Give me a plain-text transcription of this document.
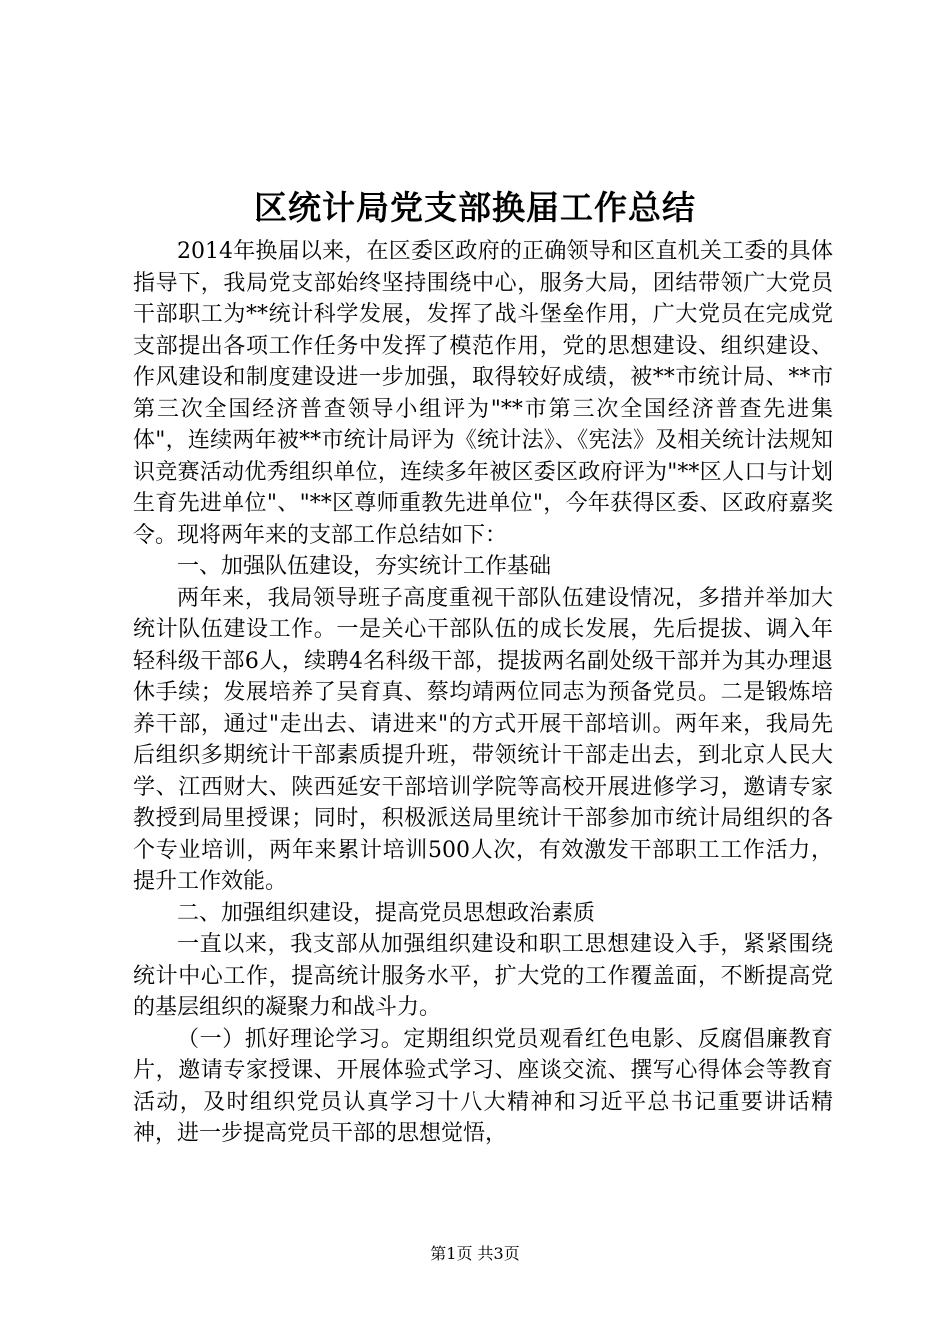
区统计局党支部换届工作总结

2014年换届以来，在区委区政府的正确领导和区直机关工委的具体指导下，我局党支部始终坚持围绕中心，服务大局，团结带领广大党员干部职工为**统计科学发展，发挥了战斗堡垒作用，广大党员在完成党支部提出各项工作任务中发挥了模范作用，党的思想建设、组织建设、作风建设和制度建设进一步加强，取得较好成绩，被**市统计局、**市第三次全国经济普查领导小组评为"**市第三次全国经济普查先进集体"，连续两年被**市统计局评为《统计法》、《宪法》及相关统计法规知识竞赛活动优秀组织单位，连续多年被区委区政府评为"**区人口与计划生育先进单位"、"**区尊师重教先进单位"，今年获得区委、区政府嘉奖令。现将两年来的支部工作总结如下：

一、加强队伍建设，夯实统计工作基础

两年来，我局领导班子高度重视干部队伍建设情况，多措并举加大统计队伍建设工作。一是关心干部队伍的成长发展，先后提拔、调入年轻科级干部6人，续聘4名科级干部，提拔两名副处级干部并为其办理退休手续；发展培养了吴育真、蔡均靖两位同志为预备党员。二是锻炼培养干部，通过"走出去、请进来"的方式开展干部培训。两年来，我局先后组织多期统计干部素质提升班，带领统计干部走出去，到北京人民大学、江西财大、陕西延安干部培训学院等高校开展进修学习，邀请专家教授到局里授课；同时，积极派送局里统计干部参加市统计局组织的各个专业培训，两年来累计培训500人次，有效激发干部职工工作活力，提升工作效能。

二、加强组织建设，提高党员思想政治素质

一直以来，我支部从加强组织建设和职工思想建设入手，紧紧围绕统计中心工作，提高统计服务水平，扩大党的工作覆盖面，不断提高党的基层组织的凝聚力和战斗力。

（一）抓好理论学习。定期组织党员观看红色电影、反腐倡廉教育片，邀请专家授课、开展体验式学习、座谈交流、撰写心得体会等教育活动，及时组织党员认真学习十八大精神和习近平总书记重要讲话精神，进一步提高党员干部的思想觉悟，

第1页 共3页
